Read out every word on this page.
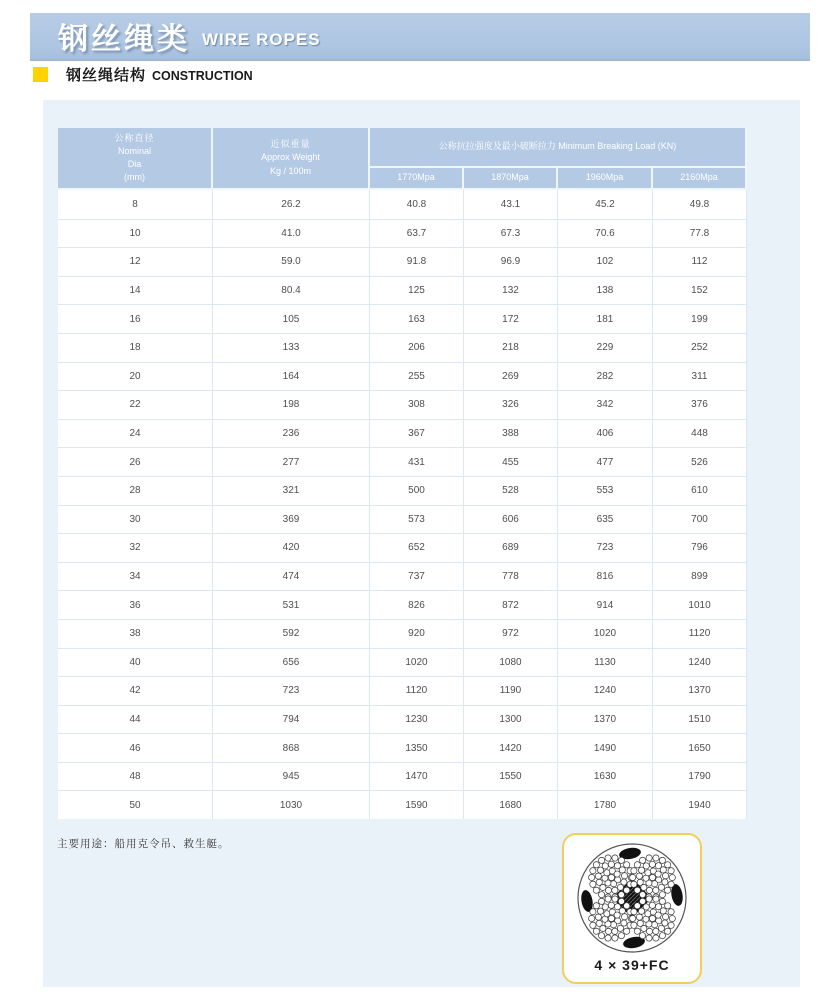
钢丝绳类 WIRE ROPES
钢丝绳结构 CONSTRUCTION
公称直径
Nominal
Dia
(mm)

近似重量
Approx Weight
Kg / 100m
	公称抗拉强度及最小破断拉力 Minimum Breaking Load (KN)
		1770Mpa	1870Mpa	1960Mpa	2160Mpa
8	26.2	40.8	43.1	45.2	49.8
10	41.0	63.7	67.3	70.6	77.8
12	59.0	91.8	96.9	102	112
14	80.4	125	132	138	152
16	105	163	172	181	199
18	133	206	218	229	252
20	164	255	269	282	311
22	198	308	326	342	376
24	236	367	388	406	448
26	277	431	455	477	526
28	321	500	528	553	610
30	369	573	606	635	700
32	420	652	689	723	796
34	474	737	778	816	899
36	531	826	872	914	1010
38	592	920	972	1020	1120
40	656	1020	1080	1130	1240
42	723	1120	1190	1240	1370
44	794	1230	1300	1370	1510
46	868	1350	1420	1490	1650
48	945	1470	1550	1630	1790
50	1030	1590	1680	1780	1940
主要用途：船用克令吊、救生艇。
4 × 39+FC
